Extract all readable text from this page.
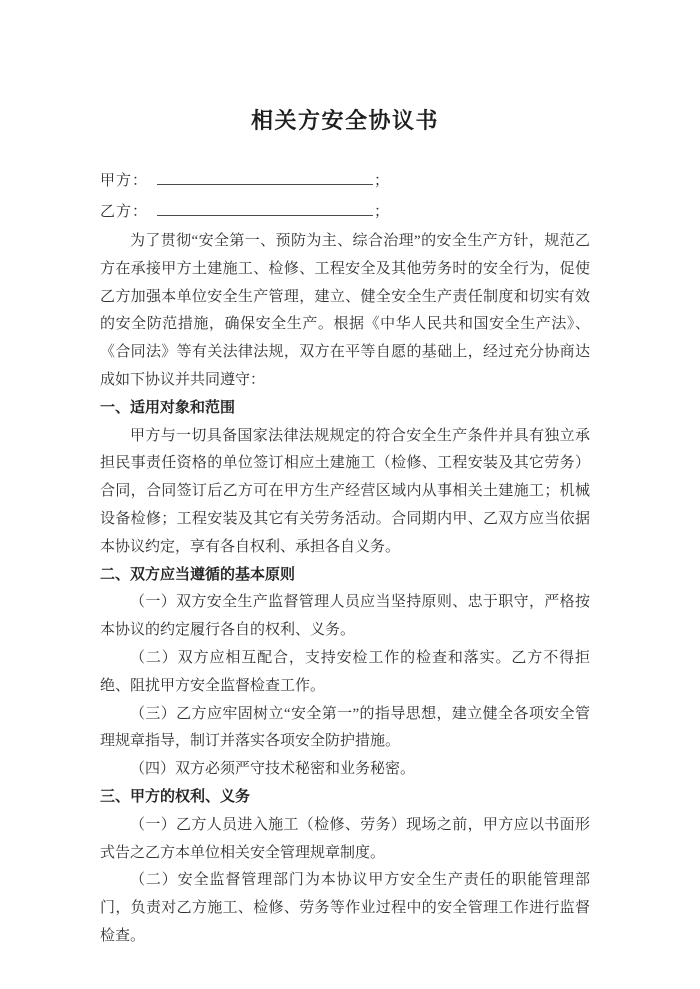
相关方安全协议书
甲方：	；
乙方：	；

为了贯彻“安全第一、预防为主、综合治理”的安全生产方针，规范乙方在承接甲方土建施工、检修、工程安全及其他劳务时的安全行为，促使乙方加强本单位安全生产管理，建立、健全安全生产责任制度和切实有效的安全防范措施，确保安全生产。根据《中华人民共和国安全生产法》、《合同法》等有关法律法规，双方在平等自愿的基础上，经过充分协商达成如下协议并共同遵守：

一、适用对象和范围

甲方与一切具备国家法律法规规定的符合安全生产条件并具有独立承担民事责任资格的单位签订相应土建施工（检修、工程安装及其它劳务）合同，合同签订后乙方可在甲方生产经营区域内从事相关土建施工；机械设备检修；工程安装及其它有关劳务活动。合同期内甲、乙双方应当依据本协议约定，享有各自权利、承担各自义务。

二、双方应当遵循的基本原则

（一）双方安全生产监督管理人员应当坚持原则、忠于职守，严格按本协议的约定履行各自的权利、义务。

（二）双方应相互配合，支持安检工作的检查和落实。乙方不得拒绝、阻扰甲方安全监督检查工作。

（三）乙方应牢固树立“安全第一”的指导思想，建立健全各项安全管理规章指导，制订并落实各项安全防护措施。

（四）双方必须严守技术秘密和业务秘密。

三、甲方的权利、义务

（一）乙方人员进入施工（检修、劳务）现场之前，甲方应以书面形式告之乙方本单位相关安全管理规章制度。

（二）安全监督管理部门为本协议甲方安全生产责任的职能管理部门，负责对乙方施工、检修、劳务等作业过程中的安全管理工作进行监督检查。
